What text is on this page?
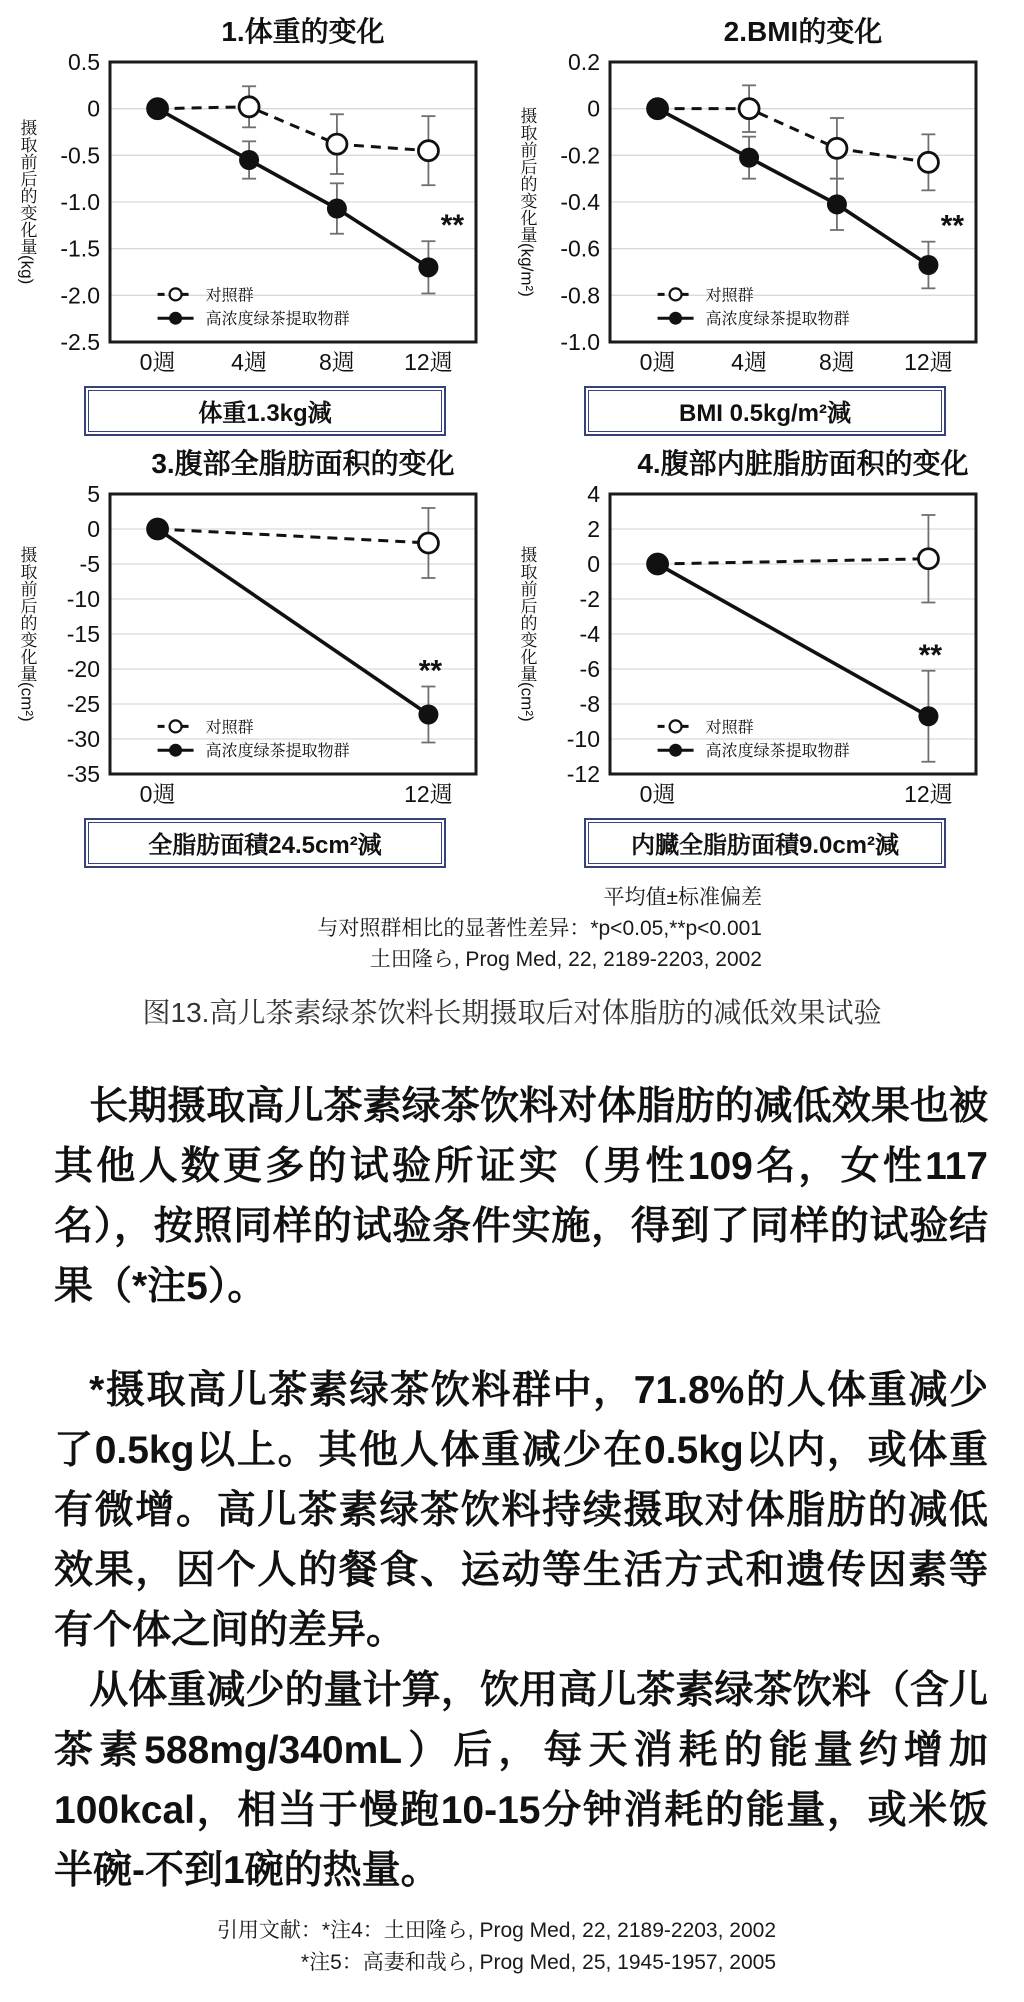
1.体重的变化
摄取前后的变化量(kg)
0.5
0
-0.5
-1.0
-1.5
-2.0
-2.5
0週 4週 8週 12週
对照群
高浓度绿茶提取物群
**
体重1.3kg減
2.BMI的变化
摄取前后的变化量(kg/m²)
0.2
0
-0.2
-0.4
-0.6
-0.8
-1.0
0週 4週 8週 12週
对照群
高浓度绿茶提取物群
**
BMI 0.5kg/m²減
3.腹部全脂肪面积的变化
摄取前后的变化量(cm²)
5
0
-5
-10
-15
-20
-25
-30
-35
0週	12週
对照群
高浓度绿茶提取物群
**
全脂肪面積24.5cm²減
4.腹部内脏脂肪面积的变化
摄取前后的变化量(cm²)
4
2
0
-2
-4
-6
-8
-10
-12
0週	12週
对照群
高浓度绿茶提取物群
**
内臓全脂肪面積9.0cm²減
平均值±标准偏差
与对照群相比的显著性差异：*p<0.05,**p<0.001
土田隆ら, Prog Med, 22, 2189-2203, 2002
图13.高儿茶素绿茶饮料长期摄取后对体脂肪的减低效果试验

长期摄取高儿茶素绿茶饮料对体脂肪的减低效果也被其他人数更多的试验所证实（男性109名，女性117名），按照同样的试验条件实施，得到了同样的试验结果（*注5）。

*摄取高儿茶素绿茶饮料群中，71.8%的人体重减少了0.5kg以上。其他人体重减少在0.5kg以内，或体重有微增。高儿茶素绿茶饮料持续摄取对体脂肪的减低效果，因个人的餐食、运动等生活方式和遗传因素等有个体之间的差异。

从体重减少的量计算，饮用高儿茶素绿茶饮料（含儿茶素588mg/340mL）后，每天消耗的能量约增加100kcal，相当于慢跑10-15分钟消耗的能量，或米饭半碗-不到1碗的热量。

引用文献：*注4：土田隆ら, Prog Med, 22, 2189-2203, 2002
*注5：高妻和哉ら, Prog Med, 25, 1945-1957, 2005
